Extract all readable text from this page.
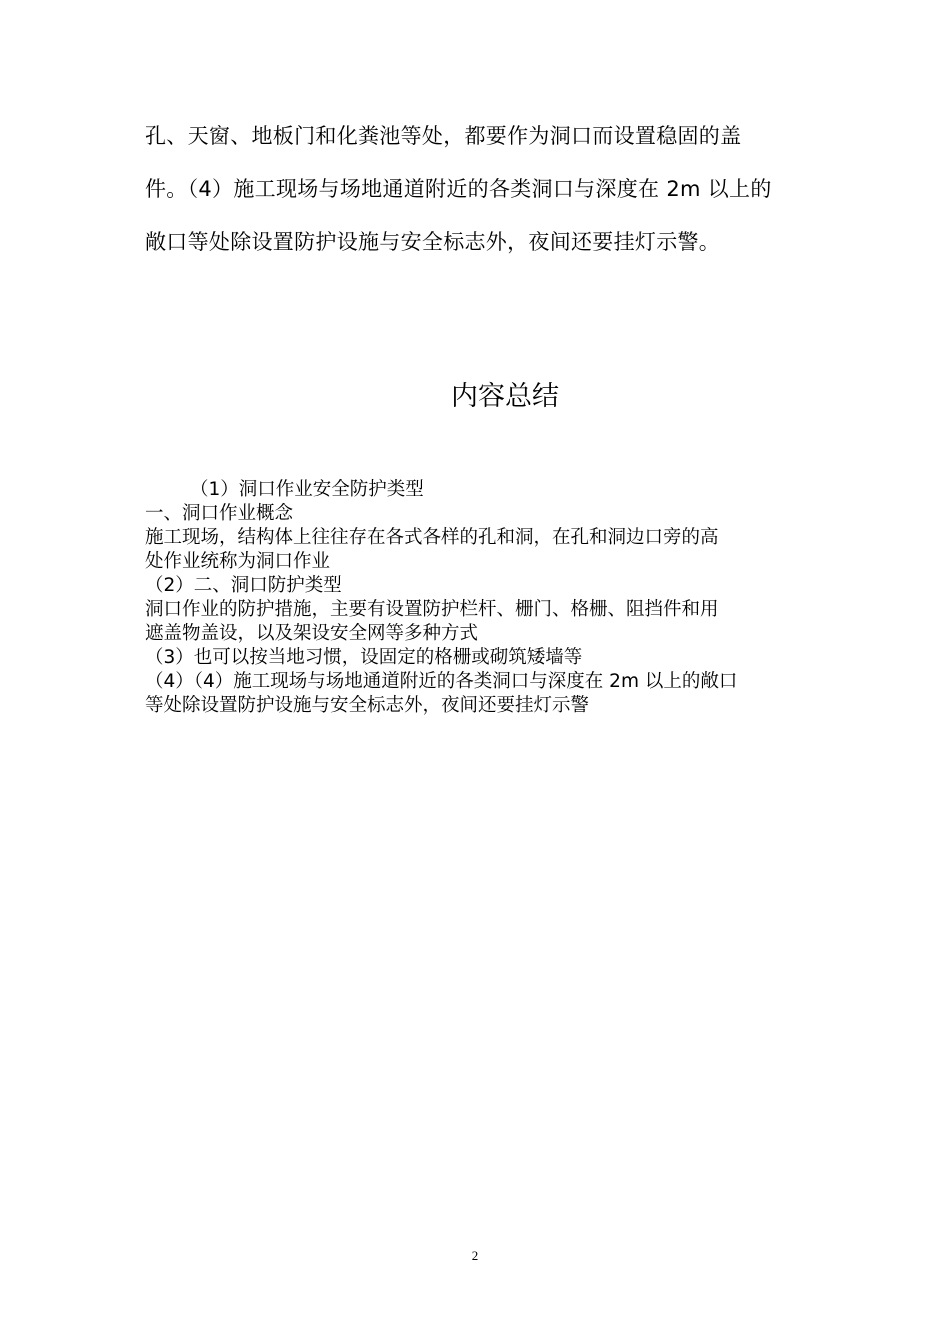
孔、天窗、地板门和化粪池等处，都要作为洞口而设置稳固的盖

件。（4）施工现场与场地通道附近的各类洞口与深度在 2m 以上的

敞口等处除设置防护设施与安全标志外，夜间还要挂灯示警。

内容总结

（1）洞口作业安全防护类型

一、洞口作业概念

施工现场，结构体上往往存在各式各样的孔和洞，在孔和洞边口旁的高

处作业统称为洞口作业

（2）二、洞口防护类型

洞口作业的防护措施，主要有设置防护栏杆、栅门、格栅、阻挡件和用

遮盖物盖设，以及架设安全网等多种方式

（3）也可以按当地习惯，设固定的格栅或砌筑矮墙等

（4）（4）施工现场与场地通道附近的各类洞口与深度在 2m 以上的敞口

等处除设置防护设施与安全标志外，夜间还要挂灯示警

2
